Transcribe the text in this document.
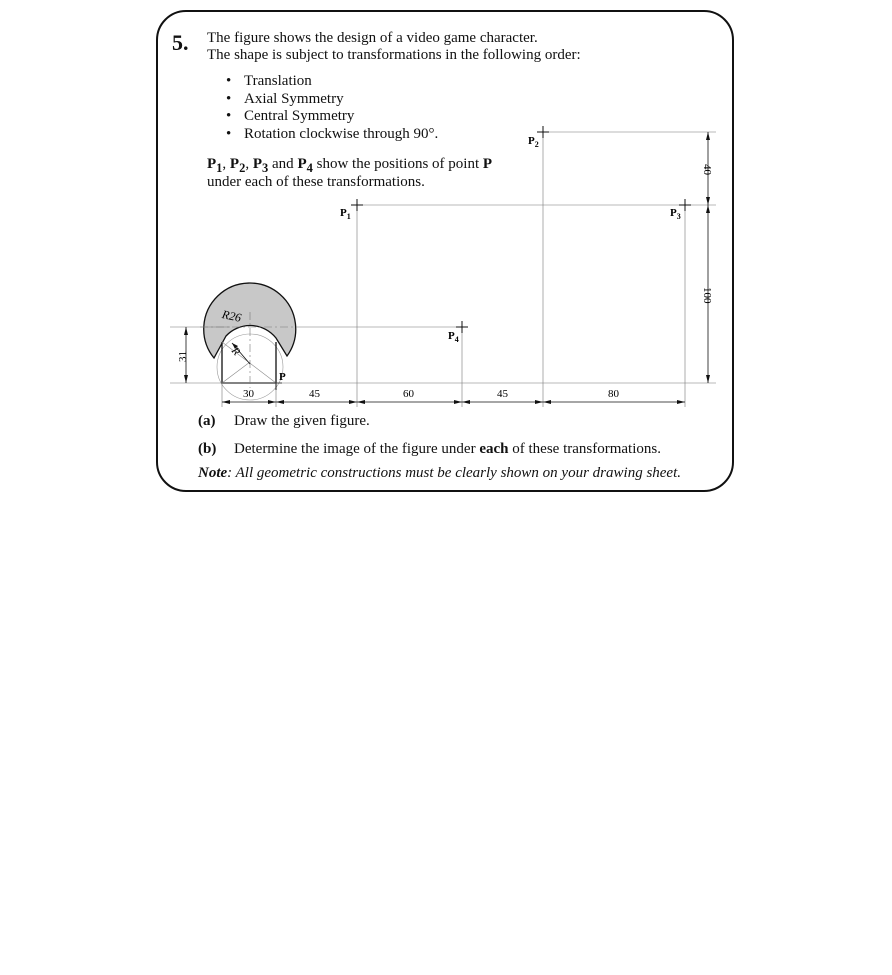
5. The figure shows the design of a video game character.
The shape is subject to transformations in the following order:
• Translation
• Axial Symmetry
• Central Symmetry
• Rotation clockwise through 90°.
$P_1$, $P_2$, $P_3$ and $P_4$ show the positions of point P
under each of these transformations.
R
R26
P
$P_1$
$P_2$
$P_3$
$P_4$
30	45	60	45	80
31
40
100
(a) Draw the given figure.
(b) Determine the image of the figure under each of these transformations.
Note: All geometric constructions must be clearly shown on your drawing sheet.
